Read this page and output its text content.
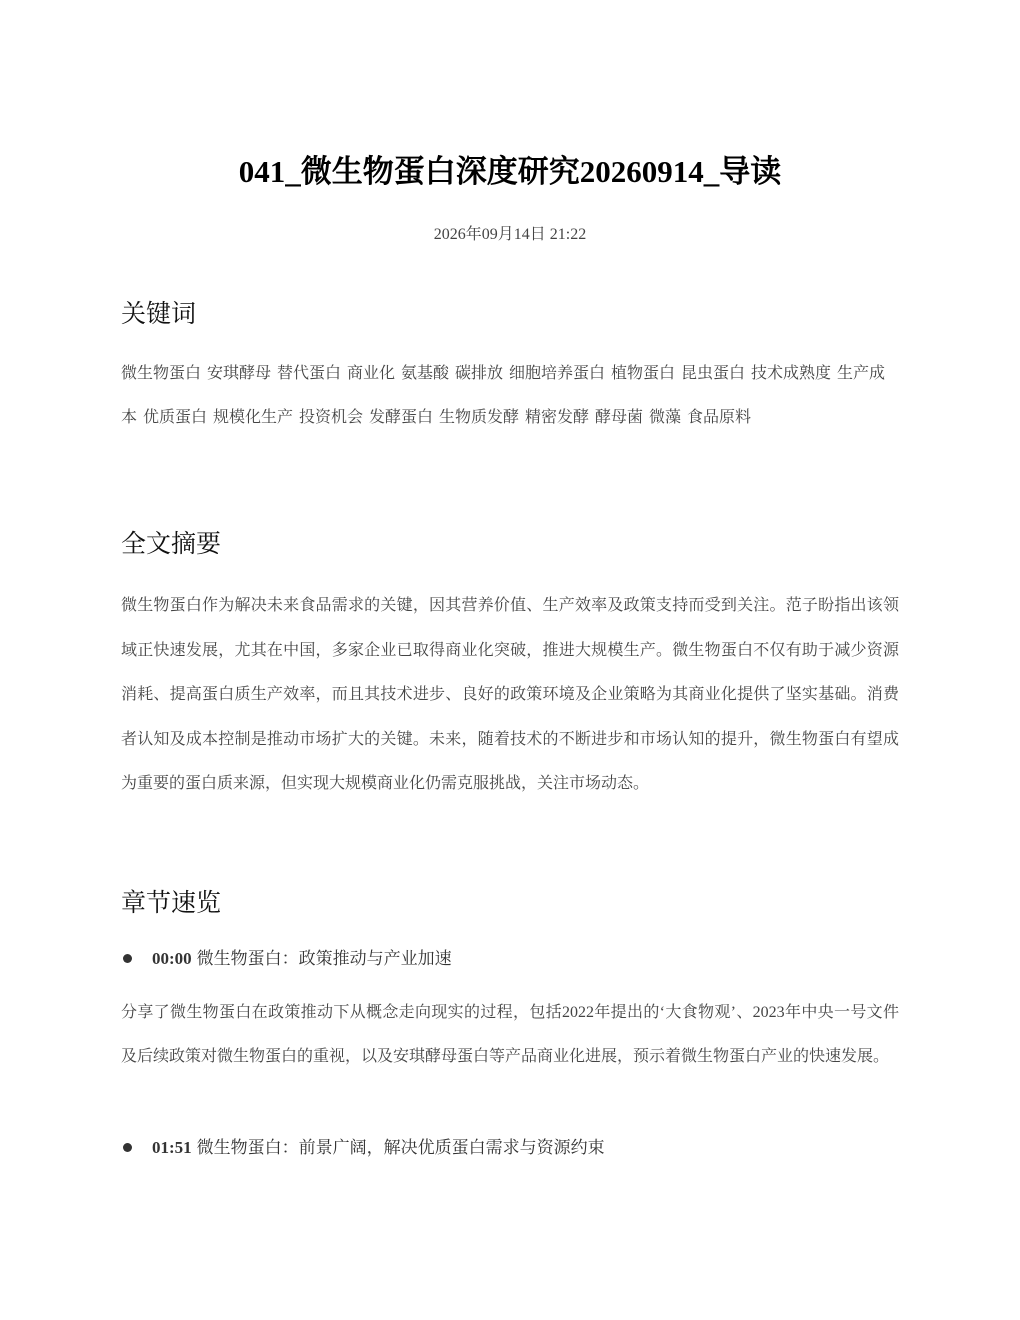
041_微生物蛋白深度研究20260914_导读
2026年09月14日 21:22
关键词
微生物蛋白 安琪酵母 替代蛋白 商业化 氨基酸 碳排放 细胞培养蛋白 植物蛋白 昆虫蛋白 技术成熟度 生产成本 优质蛋白 规模化生产 投资机会 发酵蛋白 生物质发酵 精密发酵 酵母菌 微藻 食品原料
全文摘要
微生物蛋白作为解决未来食品需求的关键，因其营养价值、生产效率及政策支持而受到关注。范子盼指出该领域正快速发展，尤其在中国，多家企业已取得商业化突破，推进大规模生产。微生物蛋白不仅有助于减少资源消耗、提高蛋白质生产效率，而且其技术进步、良好的政策环境及企业策略为其商业化提供了坚实基础。消费者认知及成本控制是推动市场扩大的关键。未来，随着技术的不断进步和市场认知的提升，微生物蛋白有望成为重要的蛋白质来源，但实现大规模商业化仍需克服挑战，关注市场动态。
章节速览
00:00 微生物蛋白：政策推动与产业加速
分享了微生物蛋白在政策推动下从概念走向现实的过程，包括2022年提出的‘大食物观’、2023年中央一号文件及后续政策对微生物蛋白的重视，以及安琪酵母蛋白等产品商业化进展，预示着微生物蛋白产业的快速发展。
01:51 微生物蛋白：前景广阔，解决优质蛋白需求与资源约束
